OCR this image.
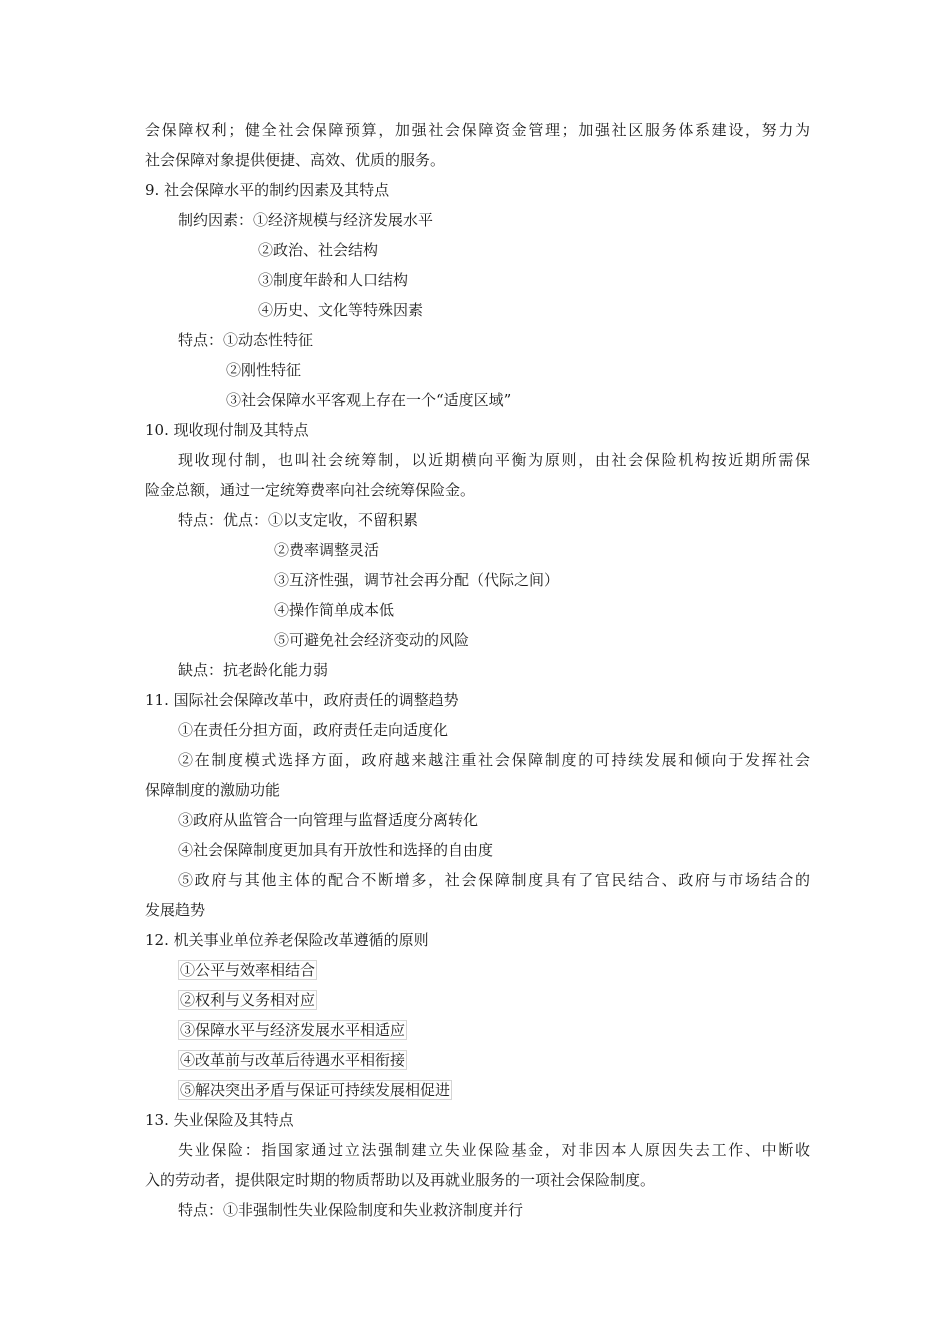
会保障权利；健全社会保障预算，加强社会保障资金管理；加强社区服务体系建设，努力为
社会保障对象提供便捷、高效、优质的服务。
9. 社会保障水平的制约因素及其特点
制约因素：①经济规模与经济发展水平
②政治、社会结构
③制度年龄和人口结构
④历史、文化等特殊因素
特点：①动态性特征
②刚性特征
③社会保障水平客观上存在一个“适度区域”
10. 现收现付制及其特点
现收现付制，也叫社会统筹制，以近期横向平衡为原则，由社会保险机构按近期所需保
险金总额，通过一定统筹费率向社会统筹保险金。
特点：优点：①以支定收，不留积累
②费率调整灵活
③互济性强，调节社会再分配（代际之间）
④操作简单成本低
⑤可避免社会经济变动的风险
缺点：抗老龄化能力弱
11. 国际社会保障改革中，政府责任的调整趋势
①在责任分担方面，政府责任走向适度化
②在制度模式选择方面，政府越来越注重社会保障制度的可持续发展和倾向于发挥社会
保障制度的激励功能
③政府从监管合一向管理与监督适度分离转化
④社会保障制度更加具有开放性和选择的自由度
⑤政府与其他主体的配合不断增多，社会保障制度具有了官民结合、政府与市场结合的
发展趋势
12. 机关事业单位养老保险改革遵循的原则
①公平与效率相结合
②权利与义务相对应
③保障水平与经济发展水平相适应
④改革前与改革后待遇水平相衔接
⑤解决突出矛盾与保证可持续发展相促进
13. 失业保险及其特点
失业保险：指国家通过立法强制建立失业保险基金，对非因本人原因失去工作、中断收
入的劳动者，提供限定时期的物质帮助以及再就业服务的一项社会保险制度。
特点：①非强制性失业保险制度和失业救济制度并行
